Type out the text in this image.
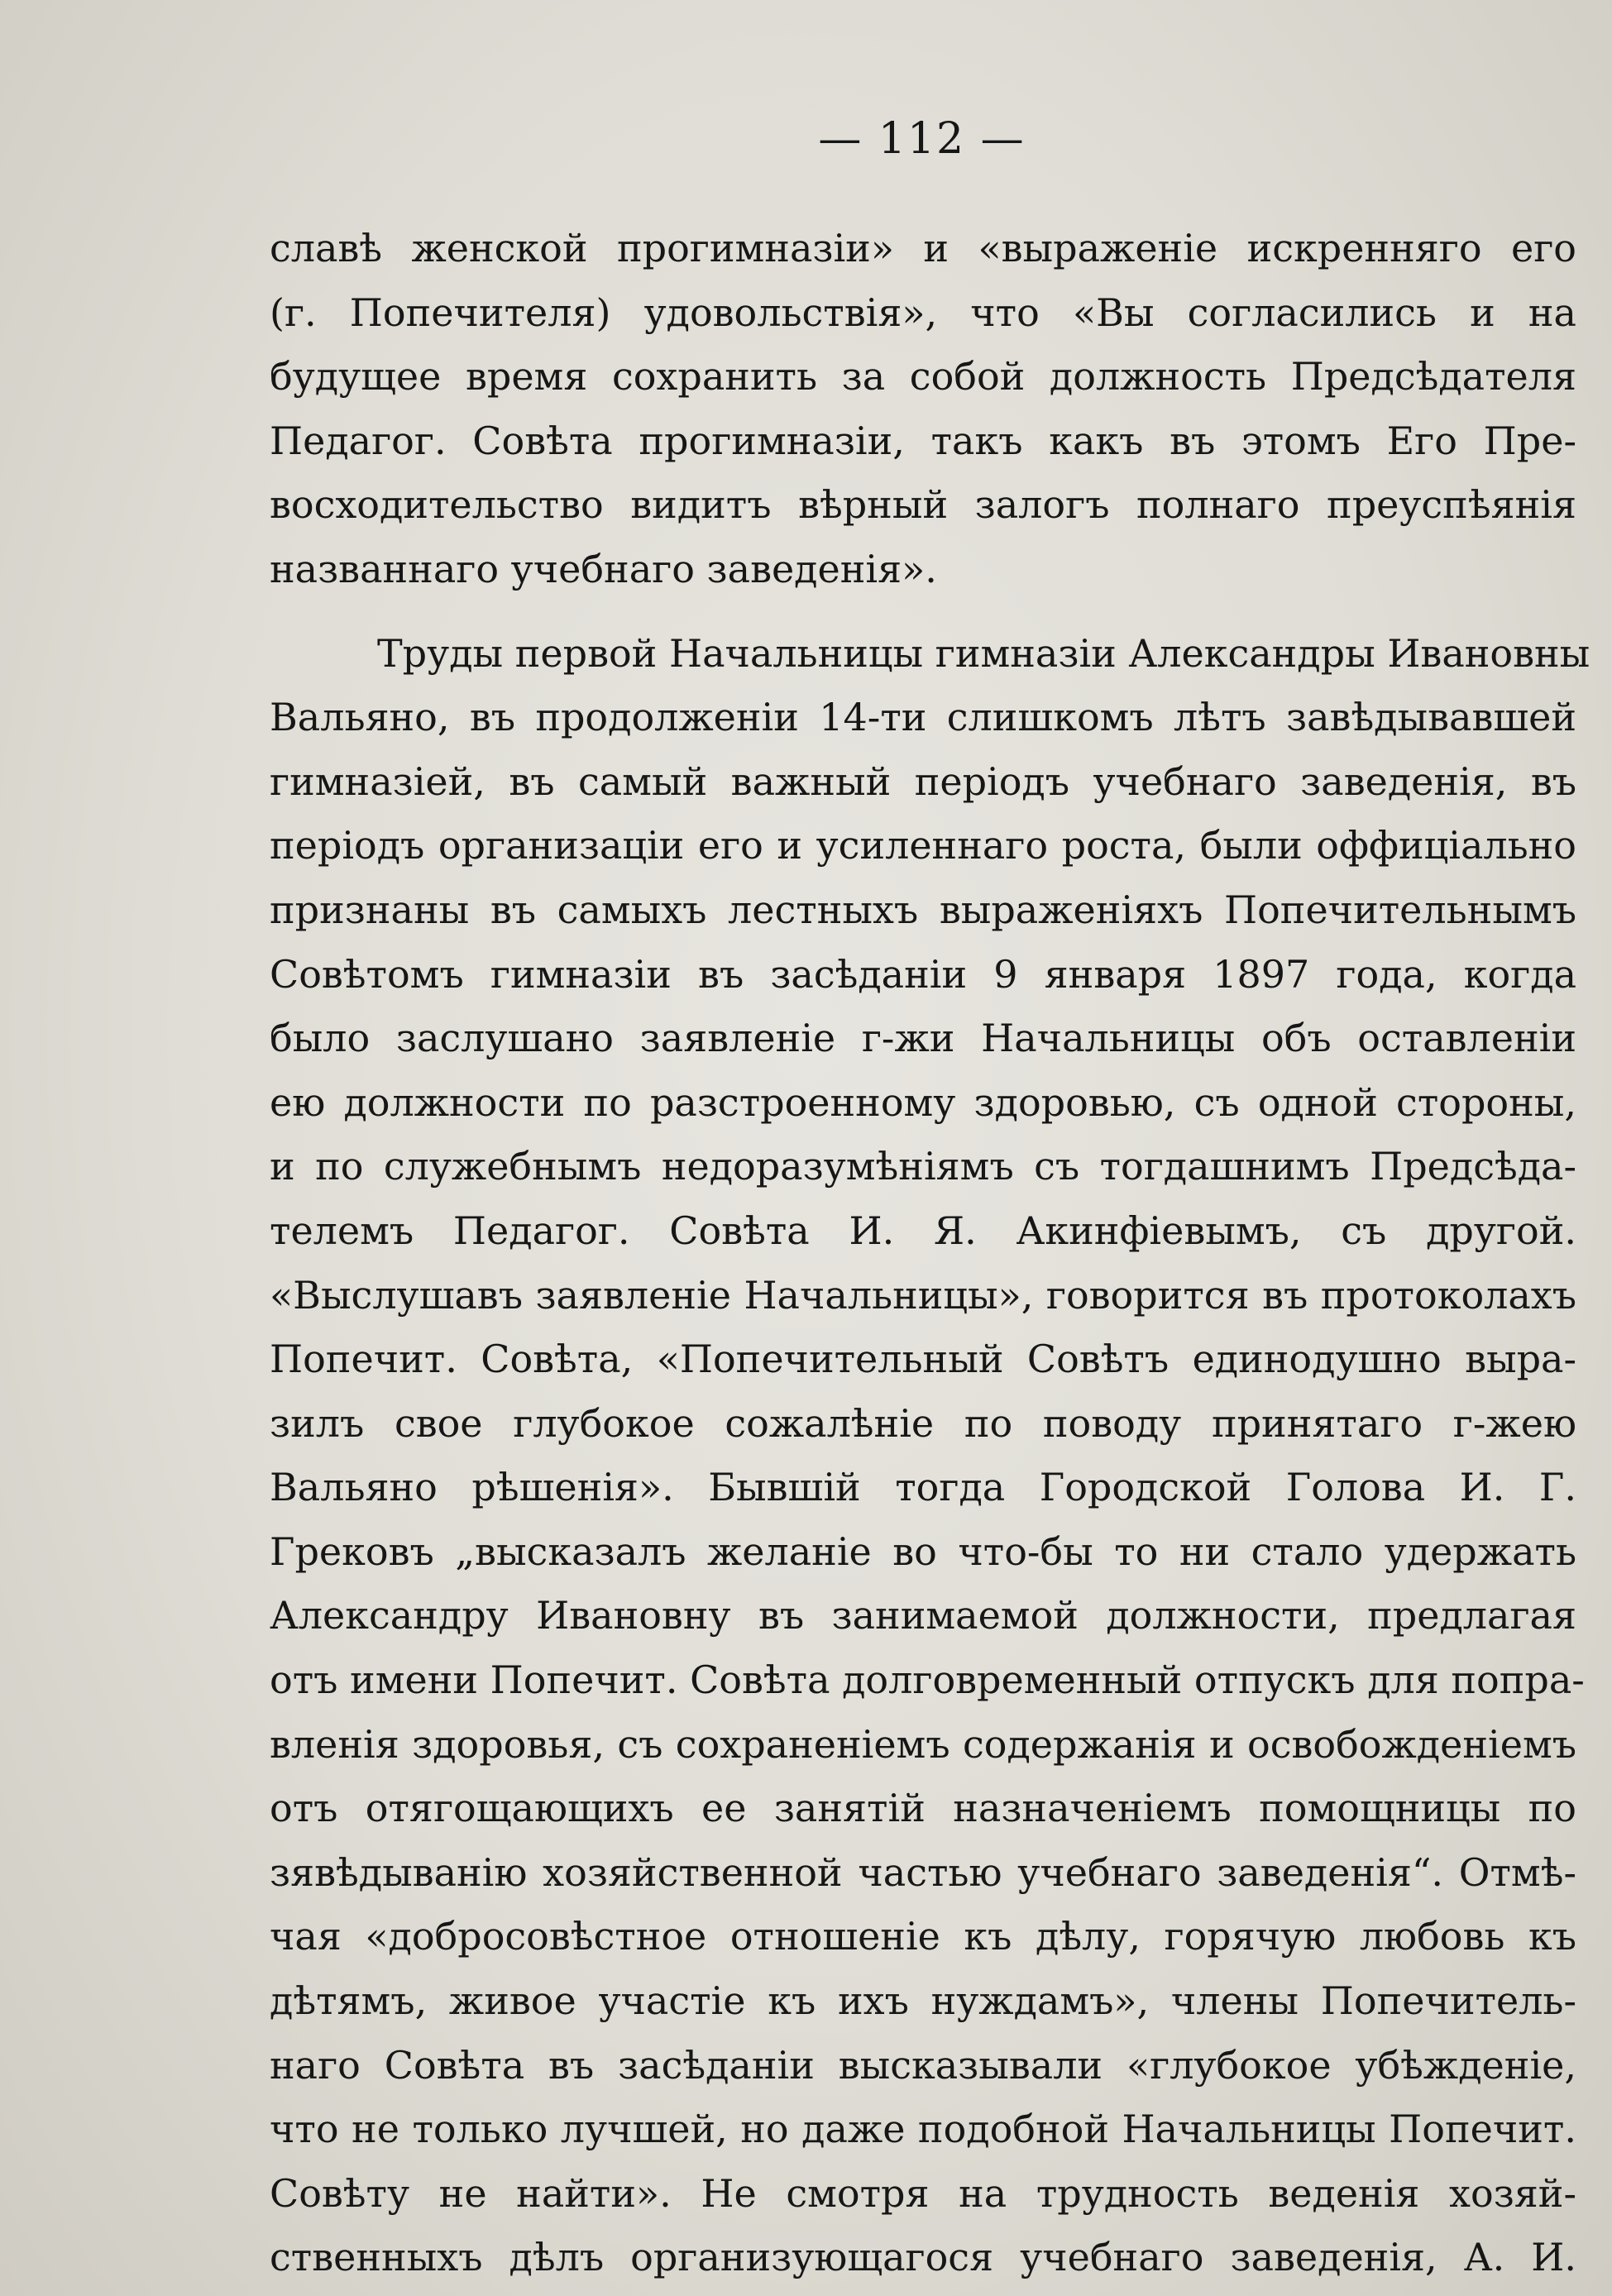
— 112 —
славѣ женской прогимназіи» и «выраженіе искренняго его
(г. Попечителя) удовольствія», что «Вы согласились и на
будущее время сохранить за собой должность Предсѣдателя
Педагог. Совѣта прогимназіи, такъ какъ въ этомъ Его Пре-
восходительство видитъ вѣрный залогъ полнаго преуспѣянія
названнаго учебнаго заведенія».
Труды первой Начальницы гимназіи Александры Ивановны
Вальяно, въ продолженіи 14-ти слишкомъ лѣтъ завѣдывавшей
гимназіей, въ самый важный періодъ учебнаго заведенія, въ
періодъ организаціи его и усиленнаго роста, были оффиціально
признаны въ самыхъ лестныхъ выраженіяхъ Попечительнымъ
Совѣтомъ гимназіи въ засѣданіи 9 января 1897 года, когда
было заслушано заявленіе г-жи Начальницы объ оставленіи
ею должности по разстроенному здоровью, съ одной стороны,
и по служебнымъ недоразумѣніямъ съ тогдашнимъ Предсѣда-
телемъ Педагог. Совѣта И. Я. Акинфіевымъ, съ другой.
«Выслушавъ заявленіе Начальницы», говорится въ протоколахъ
Попечит. Совѣта, «Попечительный Совѣтъ единодушно выра-
зилъ свое глубокое сожалѣніе по поводу принятаго г-жею
Вальяно рѣшенія». Бывшій тогда Городской Голова И. Г.
Грековъ „высказалъ желаніе во что-бы то ни стало удержать
Александру Ивановну въ занимаемой должности, предлагая
отъ имени Попечит. Совѣта долговременный отпускъ для попра-
вленія здоровья, съ сохраненіемъ содержанія и освобожденіемъ
отъ отягощающихъ ее занятій назначеніемъ помощницы по
зявѣдыванію хозяйственной частью учебнаго заведенія“. Отмѣ-
чая «добросовѣстное отношеніе къ дѣлу, горячую любовь къ
дѣтямъ, живое участіе къ ихъ нуждамъ», члены Попечитель-
наго Совѣта въ засѣданіи высказывали «глубокое убѣжденіе,
что не только лучшей, но даже подобной Начальницы Попечит.
Совѣту не найти». Не смотря на трудность веденія хозяй-
ственныхъ дѣлъ организующагося учебнаго заведенія, А. И.
